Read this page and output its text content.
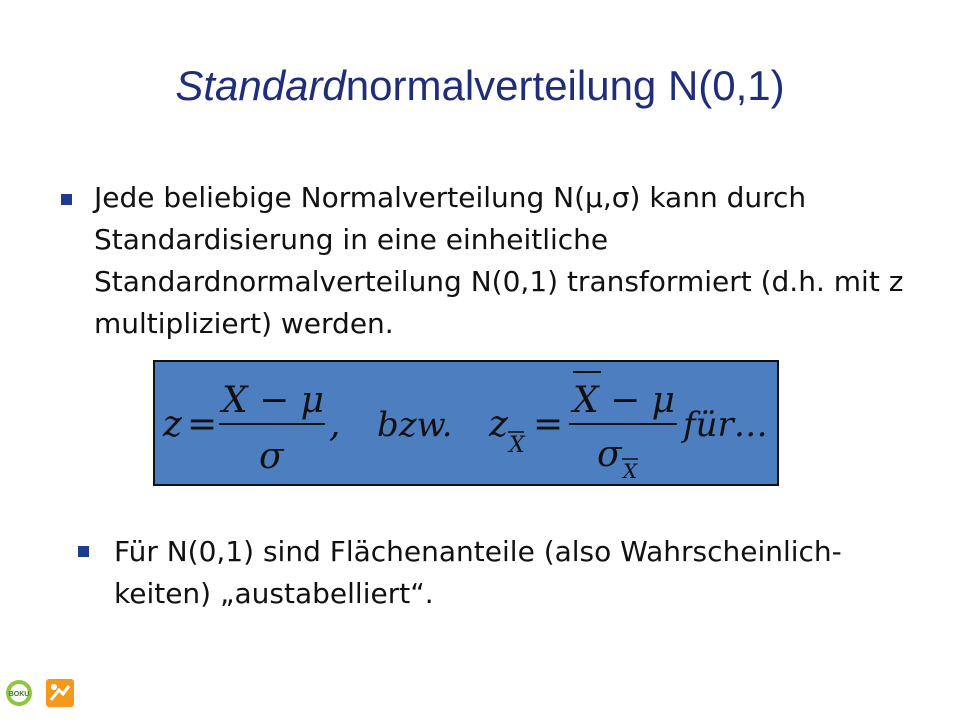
Standardnormalverteilung N(0,1)
Jede beliebige Normalverteilung N(µ,σ) kann durch Standardisierung in eine einheitliche Standardnormalverteilung N(0,1) transformiert (d.h. mit z multipliziert) werden.
z =
X − μ
σ
, bzw. z
X
=
X − μ
σ X
für…
Für N(0,1) sind Flächenanteile (also Wahrscheinlich-keiten) „austabelliert“.
BOKU
